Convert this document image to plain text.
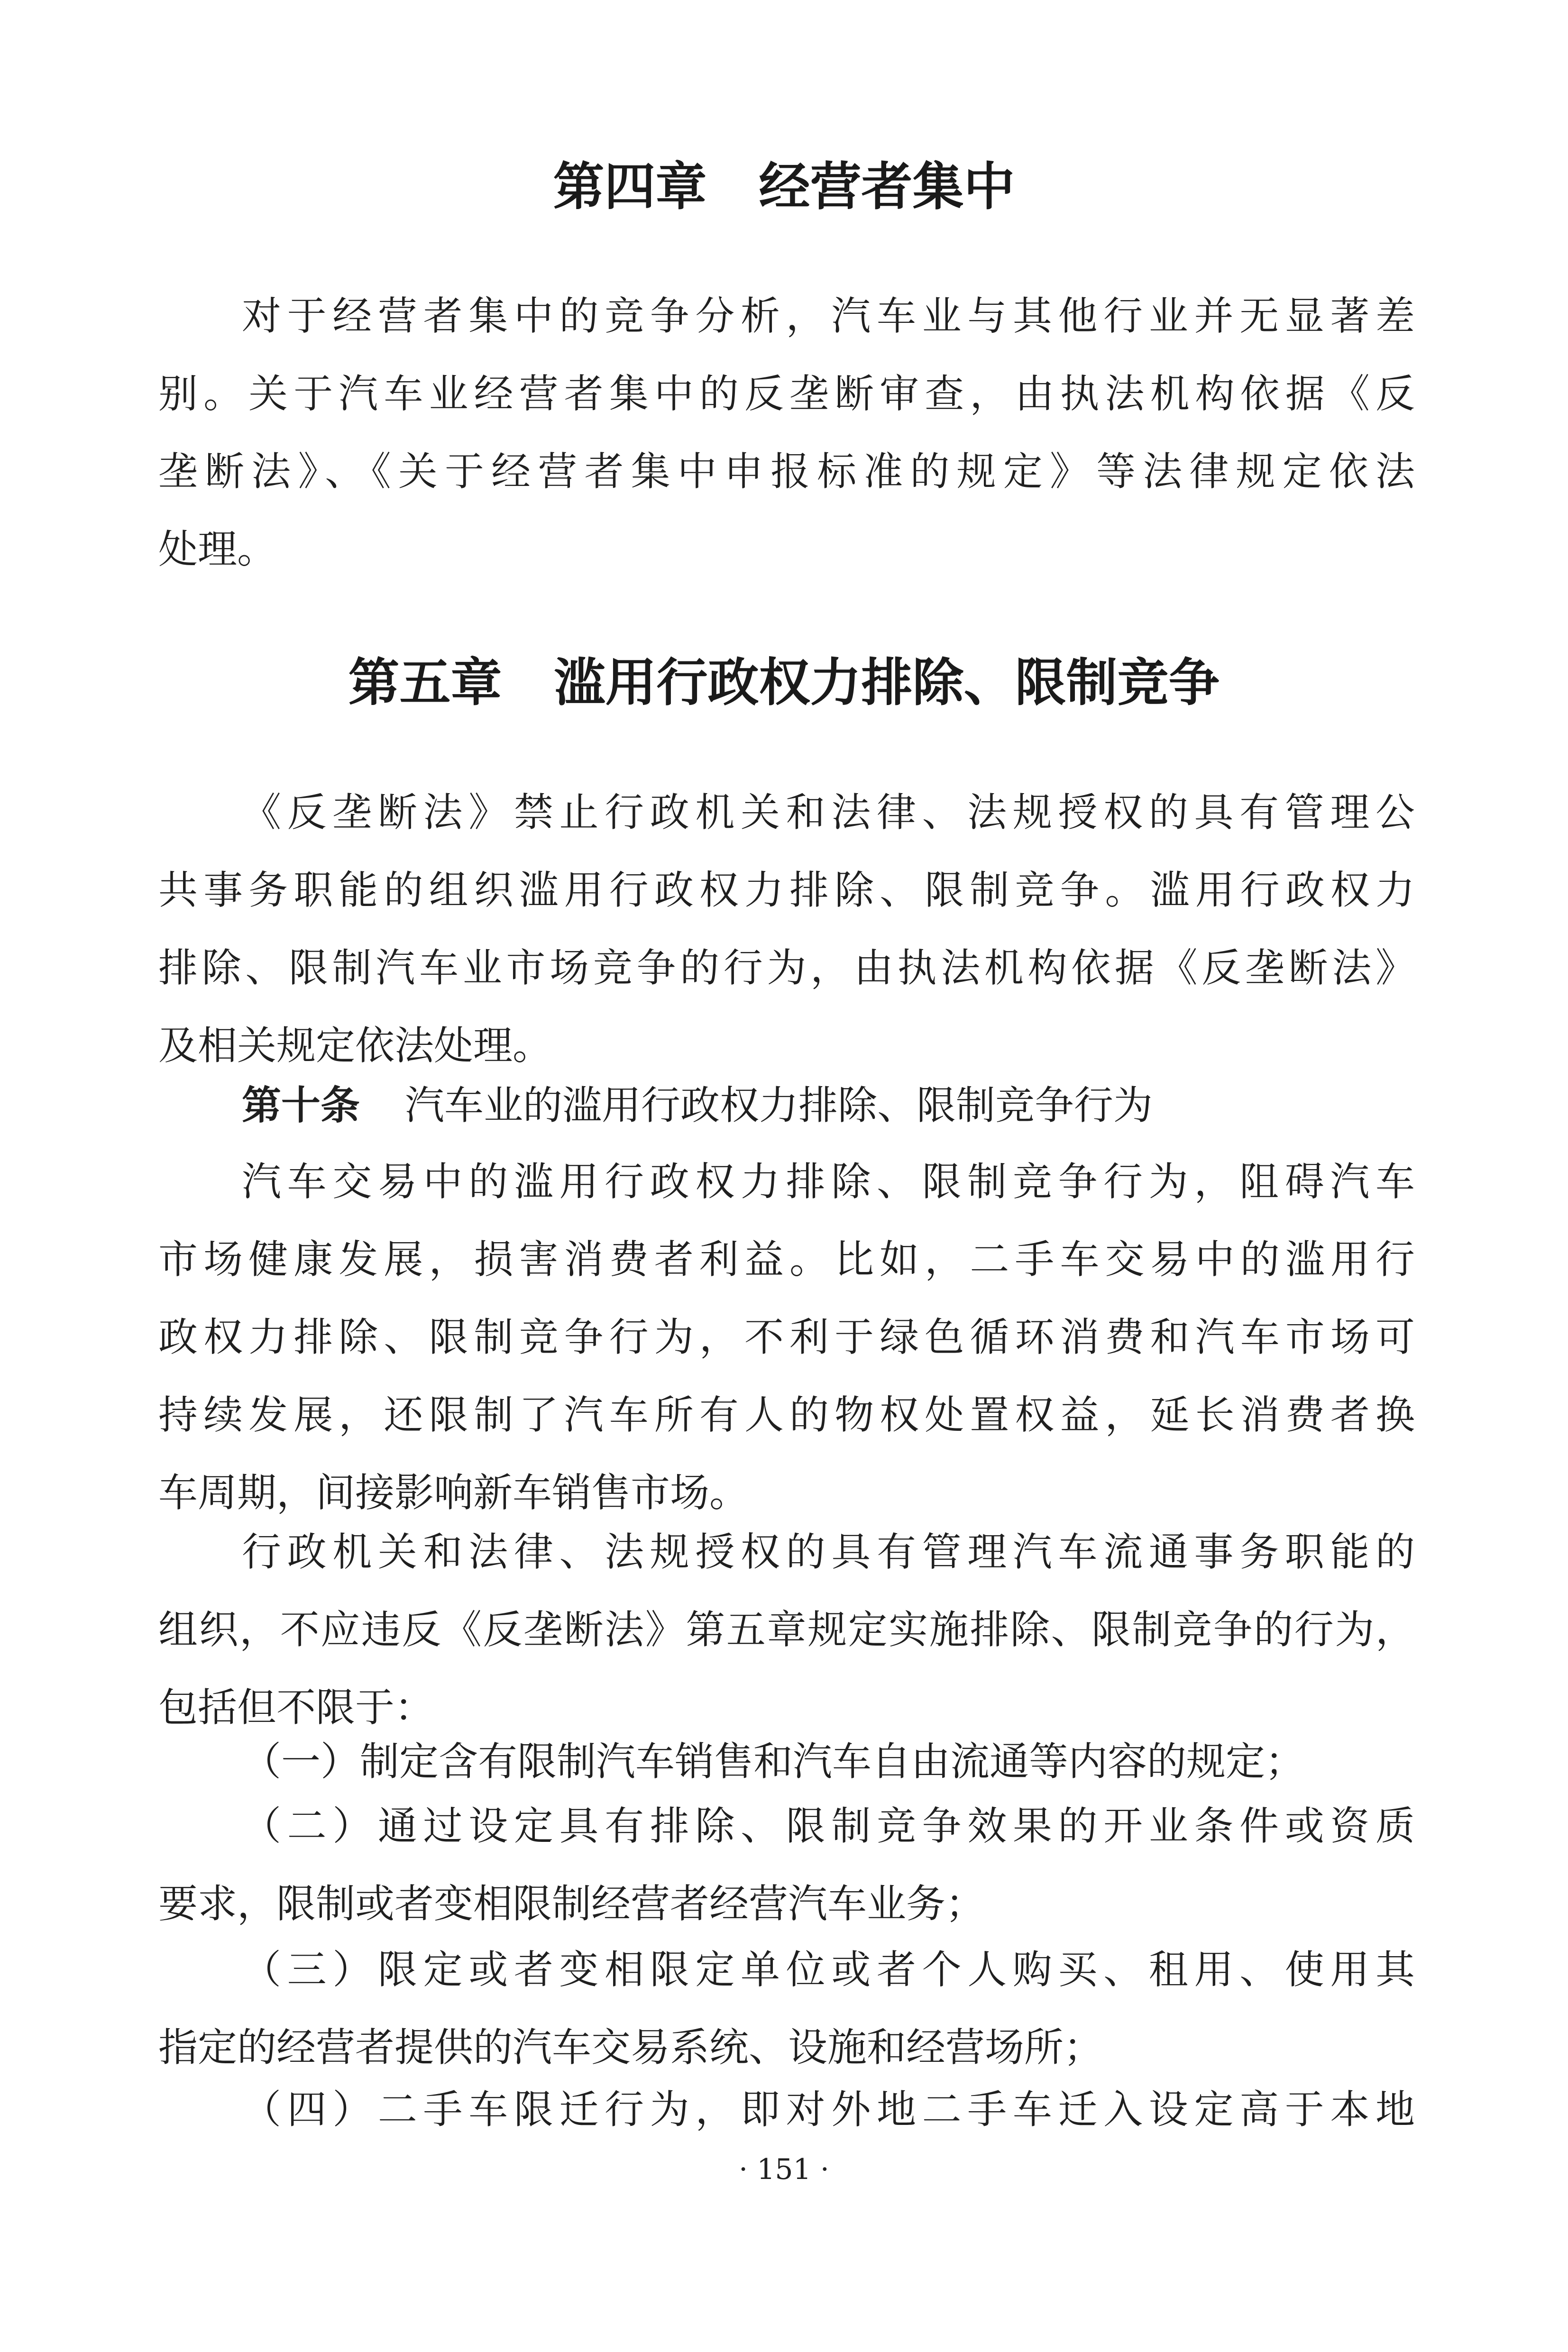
第四章 经营者集中
对于经营者集中的竞争分析，汽车业与其他行业并无显著差
别。关于汽车业经营者集中的反垄断审查，由执法机构依据《反
垄断法》、《关于经营者集中申报标准的规定》等法律规定依法
处理。
第五章 滥用行政权力排除、限制竞争
《反垄断法》禁止行政机关和法律、法规授权的具有管理公
共事务职能的组织滥用行政权力排除、限制竞争。滥用行政权力
排除、限制汽车业市场竞争的行为，由执法机构依据《反垄断法》
及相关规定依法处理。
第十条 汽车业的滥用行政权力排除、限制竞争行为
汽车交易中的滥用行政权力排除、限制竞争行为，阻碍汽车
市场健康发展，损害消费者利益。比如，二手车交易中的滥用行
政权力排除、限制竞争行为，不利于绿色循环消费和汽车市场可
持续发展，还限制了汽车所有人的物权处置权益，延长消费者换
车周期，间接影响新车销售市场。
行政机关和法律、法规授权的具有管理汽车流通事务职能的
组织，不应违反《反垄断法》第五章规定实施排除、限制竞争的行为，
包括但不限于：
（一）制定含有限制汽车销售和汽车自由流通等内容的规定；
（二）通过设定具有排除、限制竞争效果的开业条件或资质
要求，限制或者变相限制经营者经营汽车业务；
（三）限定或者变相限定单位或者个人购买、租用、使用其
指定的经营者提供的汽车交易系统、设施和经营场所；
（四）二手车限迁行为，即对外地二手车迁入设定高于本地
· 151 ·
